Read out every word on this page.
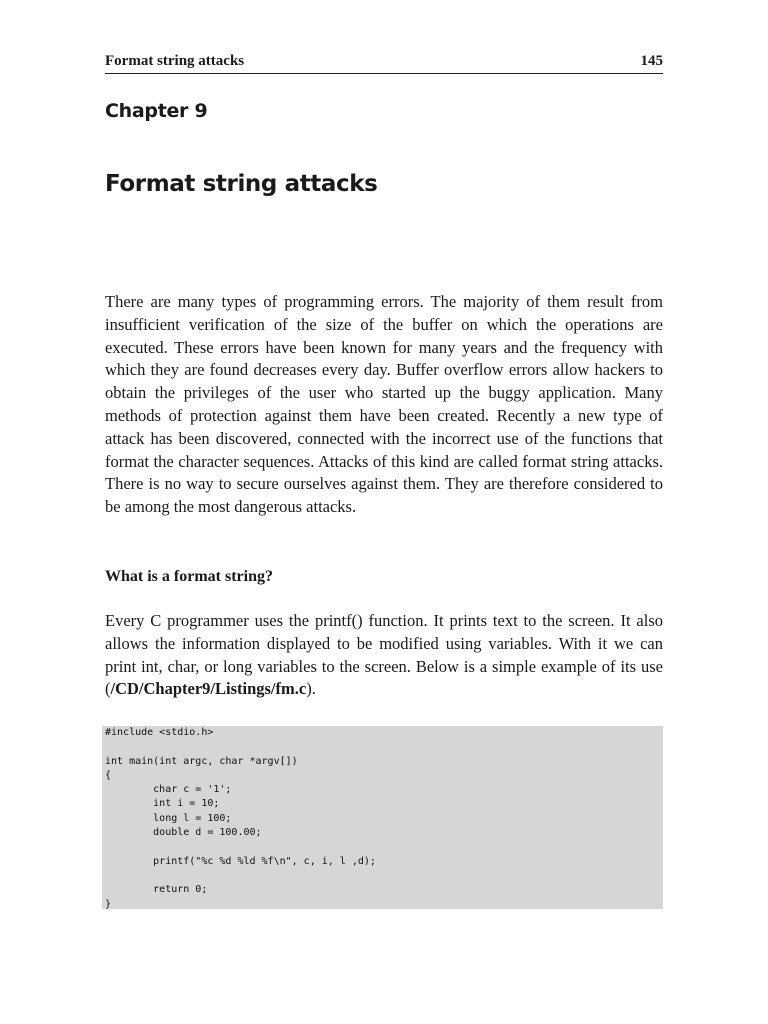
Format string attacks	145
Chapter 9
Format string attacks

There are many types of programming errors. The majority of them result from insufficient verification of the size of the buffer on which the operations are executed. These errors have been known for many years and the frequency with which they are found decreases every day. Buffer overflow errors allow hackers to obtain the privileges of the user who started up the buggy application. Many methods of protection against them have been created. Recently a new type of attack has been discovered, connected with the incorrect use of the functions that format the character sequences. Attacks of this kind are called format string attacks. There is no way to secure ourselves against them. They are therefore considered to be among the most dangerous attacks.

What is a format string?

Every C programmer uses the printf() function. It prints text to the screen. It also allows the information displayed to be modified using variables. With it we can print int, char, or long variables to the screen. Below is a simple example of its use (/CD/Chapter9/Listings/fm.c).

#include <stdio.h>
int main(int argc, char *argv[])
{
char c = '1';
int i = 10;
long l = 100;
double d = 100.00;
printf("%c %d %ld %f\n", c, i, l ,d);
return 0;
}
